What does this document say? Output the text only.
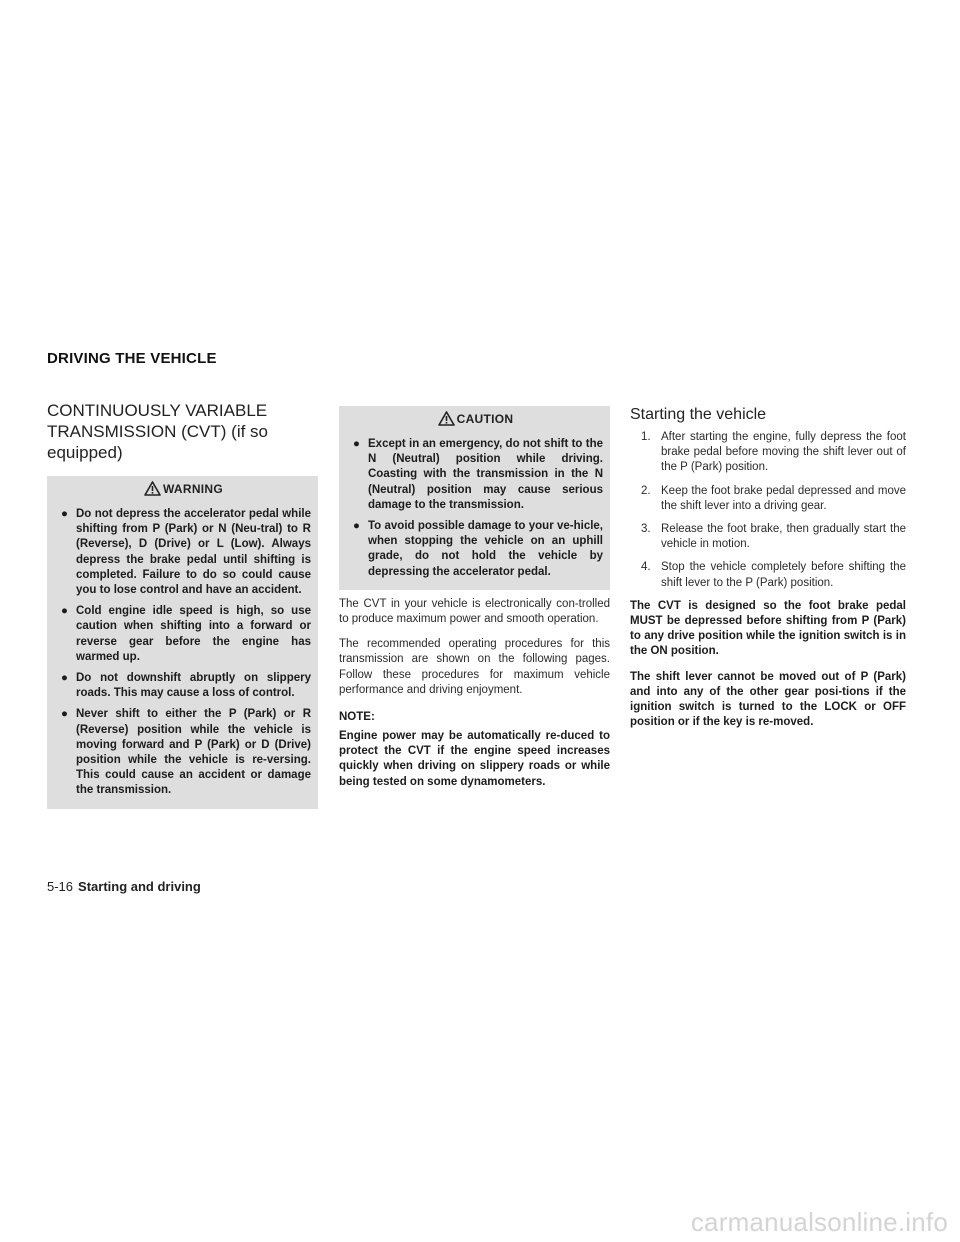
DRIVING THE VEHICLE
CONTINUOUSLY VARIABLE TRANSMISSION (CVT) (if so equipped)
WARNING
● Do not depress the accelerator pedal while shifting from P (Park) or N (Neu-tral) to R (Reverse), D (Drive) or L (Low). Always depress the brake pedal until shifting is completed. Failure to do so could cause you to lose control and have an accident.
● Cold engine idle speed is high, so use caution when shifting into a forward or reverse gear before the engine has warmed up.
● Do not downshift abruptly on slippery roads. This may cause a loss of control.
● Never shift to either the P (Park) or R (Reverse) position while the vehicle is moving forward and P (Park) or D (Drive) position while the vehicle is re-versing. This could cause an accident or damage the transmission.
CAUTION
● Except in an emergency, do not shift to the N (Neutral) position while driving. Coasting with the transmission in the N (Neutral) position may cause serious damage to the transmission.
● To avoid possible damage to your ve-hicle, when stopping the vehicle on an uphill grade, do not hold the vehicle by depressing the accelerator pedal.

The CVT in your vehicle is electronically con-trolled to produce maximum power and smooth operation.

The recommended operating procedures for this transmission are shown on the following pages. Follow these procedures for maximum vehicle performance and driving enjoyment.

NOTE:

Engine power may be automatically re-duced to protect the CVT if the engine speed increases quickly when driving on slippery roads or while being tested on some dynamometers.

Starting the vehicle
1. After starting the engine, fully depress the foot brake pedal before moving the shift lever out of the P (Park) position.
2. Keep the foot brake pedal depressed and move the shift lever into a driving gear.
3. Release the foot brake, then gradually start the vehicle in motion.
4. Stop the vehicle completely before shifting the shift lever to the P (Park) position.

The CVT is designed so the foot brake pedal MUST be depressed before shifting from P (Park) to any drive position while the ignition switch is in the ON position.

The shift lever cannot be moved out of P (Park) and into any of the other gear posi-tions if the ignition switch is turned to the LOCK or OFF position or if the key is re-moved.

5-16 Starting and driving
carmanualsonline.info
